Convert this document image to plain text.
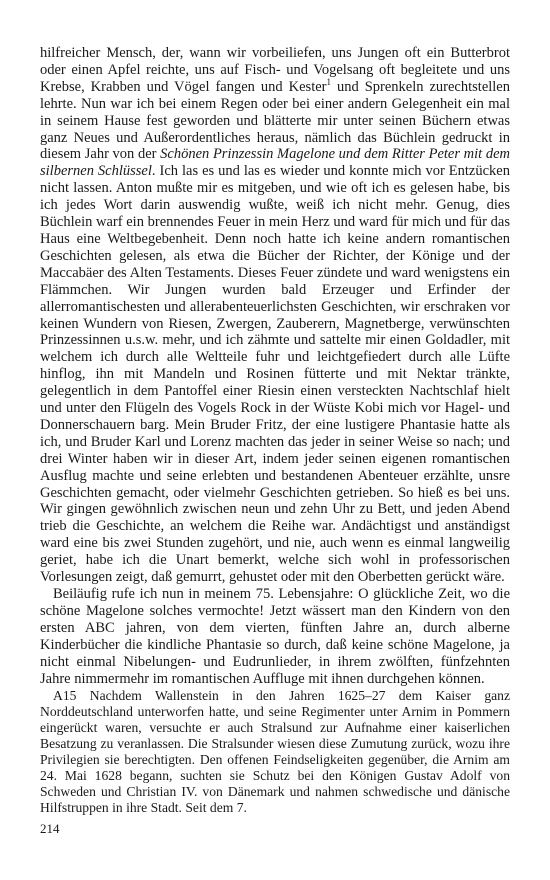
hilfreicher Mensch, der, wann wir vorbeiliefen, uns Jungen oft ein Butterbrot oder einen Apfel reichte, uns auf Fisch- und Vogelsang oft begleitete und uns Krebse, Krabben und Vögel fangen und Kester$^1$ und Sprenkeln zurechtstellen lehrte. Nun war ich bei einem Regen oder bei einer andern Gelegenheit ein mal in seinem Hause fest geworden und blätterte mir unter seinen Büchern etwas ganz Neues und Außerordentliches heraus, nämlich das Büchlein gedruckt in diesem Jahr von der Schönen Prinzessin Magelone und dem Ritter Peter mit dem silbernen Schlüssel. Ich las es und las es wieder und konnte mich vor Entzücken nicht lassen. Anton mußte mir es mitgeben, und wie oft ich es gelesen habe, bis ich jedes Wort darin auswendig wußte, weiß ich nicht mehr. Genug, dies Büchlein warf ein brennendes Feuer in mein Herz und ward für mich und für das Haus eine Weltbegebenheit. Denn noch hatte ich keine andern romantischen Geschichten gelesen, als etwa die Bücher der Richter, der Könige und der Maccabäer des Alten Testaments. Dieses Feuer zündete und ward wenigstens ein Flämmchen. Wir Jungen wurden bald Erzeuger und Erfinder der allerromantischesten und allerabenteuerlichsten Geschichten, wir erschraken vor keinen Wundern von Riesen, Zwergen, Zauberern, Magnetberge, verwünschten Prinzessinnen u.s.w. mehr, und ich zähmte und sattelte mir einen Goldadler, mit welchem ich durch alle Weltteile fuhr und leichtgefiedert durch alle Lüfte hinflog, ihn mit Mandeln und Rosinen fütterte und mit Nektar tränkte, gelegentlich in dem Pantoffel einer Riesin einen versteckten Nachtschlaf hielt und unter den Flügeln des Vogels Rock in der Wüste Kobi mich vor Hagel- und Donnerschauern barg. Mein Bruder Fritz, der eine lustigere Phantasie hatte als ich, und Bruder Karl und Lorenz machten das jeder in seiner Weise so nach; und drei Winter haben wir in dieser Art, indem jeder seinen eigenen romantischen Ausflug machte und seine erlebten und bestandenen Abenteuer erzählte, unsre Geschichten gemacht, oder vielmehr Geschichten getrieben. So hieß es bei uns. Wir gingen gewöhnlich zwischen neun und zehn Uhr zu Bett, und jeden Abend trieb die Geschichte, an welchem die Reihe war. Andächtigst und anständigst ward eine bis zwei Stunden zugehört, und nie, auch wenn es einmal langweilig geriet, habe ich die Unart bemerkt, welche sich wohl in professorischen Vorlesungen zeigt, daß gemurrt, gehustet oder mit den Oberbetten gerückt wäre.

Beiläufig rufe ich nun in meinem 75. Lebensjahre: O glückliche Zeit, wo die schöne Magelone solches vermochte! Jetzt wässert man den Kindern von den ersten ABC jahren, von dem vierten, fünften Jahre an, durch alberne Kinderbücher die kindliche Phantasie so durch, daß keine schöne Magelone, ja nicht einmal Nibelungen- und Eudrunlieder, in ihrem zwölften, fünfzehnten Jahre nimmermehr im romantischen Auffluge mit ihnen durchgehen können.

A15 Nachdem Wallenstein in den Jahren 1625–27 dem Kaiser ganz Norddeutschland unterworfen hatte, und seine Regimenter unter Arnim in Pommern eingerückt waren, versuchte er auch Stralsund zur Aufnahme einer kaiserlichen Besatzung zu veranlassen. Die Stralsunder wiesen diese Zumutung zurück, wozu ihre Privilegien sie berechtigten. Den offenen Feindseligkeiten gegenüber, die Arnim am 24. Mai 1628 begann, suchten sie Schutz bei den Königen Gustav Adolf von Schweden und Christian IV. von Dänemark und nahmen schwedische und dänische Hilfstruppen in ihre Stadt. Seit dem 7.

214
